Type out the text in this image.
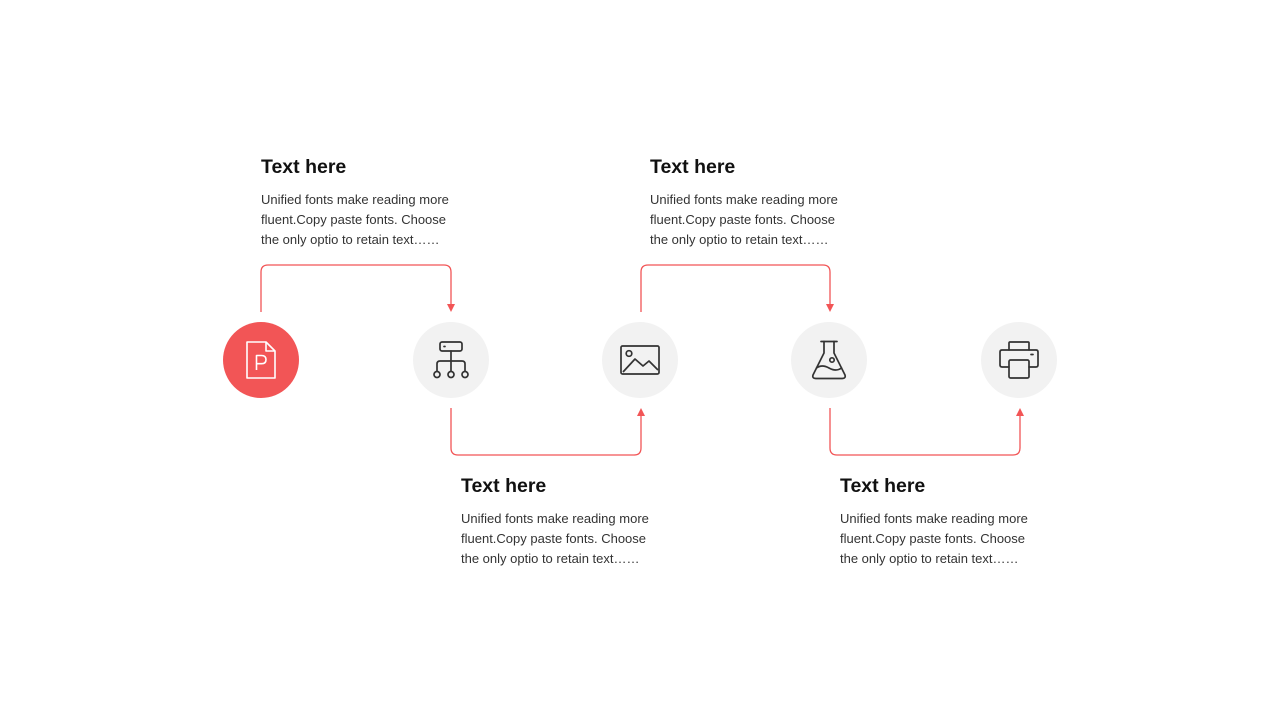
Text here

Unified fonts make reading more fluent.Copy paste fonts. Choose the only optio to retain text……

Text here

Unified fonts make reading more fluent.Copy paste fonts. Choose the only optio to retain text……

Text here

Unified fonts make reading more fluent.Copy paste fonts. Choose the only optio to retain text……

Text here

Unified fonts make reading more fluent.Copy paste fonts. Choose the only optio to retain text……
